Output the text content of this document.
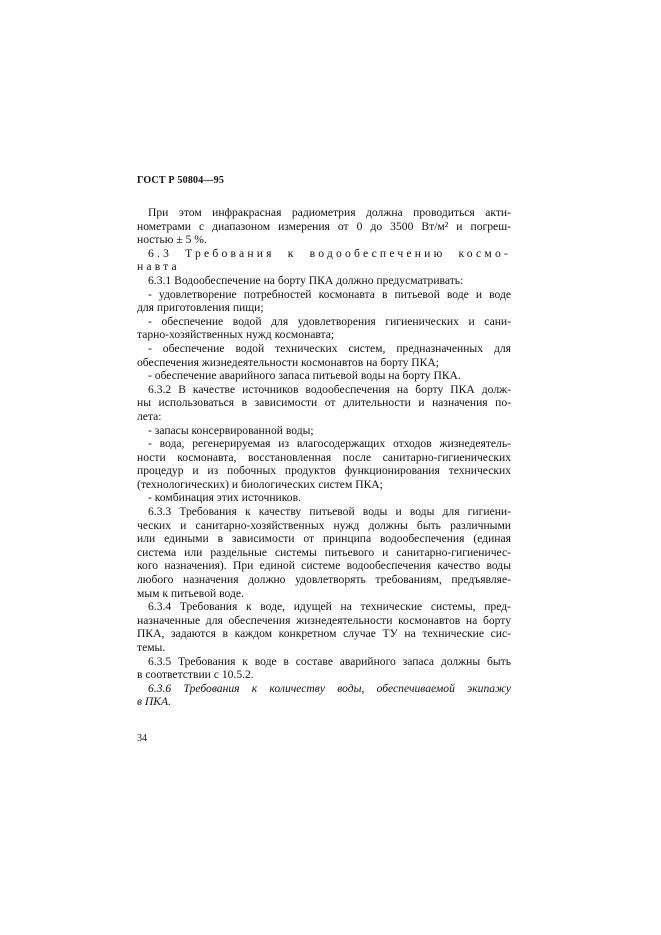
ГОСТ Р 50804—95
При этом инфракрасная радиометрия должна проводиться акти-
нометрами с диапазоном измерения от 0 до 3500 Вт/м² и погреш-
ностью ± 5 %.
6.3 Требования к водообеспечению космо-
навта
6.3.1 Водообеспечение на борту ПКА должно предусматривать:
- удовлетворение потребностей космонавта в питьевой воде и воде
для приготовления пищи;
- обеспечение водой для удовлетворения гигиенических и сани-
тарно-хозяйственных нужд космонавта;
- обеспечение водой технических систем, предназначенных для
обеспечения жизнедеятельности космонавтов на борту ПКА;
- обеспечение аварийного запаса питьевой воды на борту ПКА.
6.3.2 В качестве источников водообеспечения на борту ПКА долж-
ны использоваться в зависимости от длительности и назначения по-
лета:
- запасы консервированной воды;
- вода, регенерируемая из влагосодержащих отходов жизнедеятель-
ности космонавта, восстановленная после санитарно-гигиенических
процедур и из побочных продуктов функционирования технических
(технологических) и биологических систем ПКА;
- комбинация этих источников.
6.3.3 Требования к качеству питьевой воды и воды для гигиени-
ческих и санитарно-хозяйственных нужд должны быть различными
или едиными в зависимости от принципа водообеспечения (единая
система или раздельные системы питьевого и санитарно-гигиеничес-
кого назначения). При единой системе водообеспечения качество воды
любого назначения должно удовлетворять требованиям, предъявляе-
мым к питьевой воде.
6.3.4 Требования к воде, идущей на технические системы, пред-
назначенные для обеспечения жизнедеятельности космонавтов на борту
ПКА, задаются в каждом конкретном случае ТУ на технические сис-
темы.
6.3.5 Требования к воде в составе аварийного запаса должны быть
в соответствии с 10.5.2.
6.3.6 Требования к количеству воды, обеспечиваемой экипажу
в ПКА.
34
